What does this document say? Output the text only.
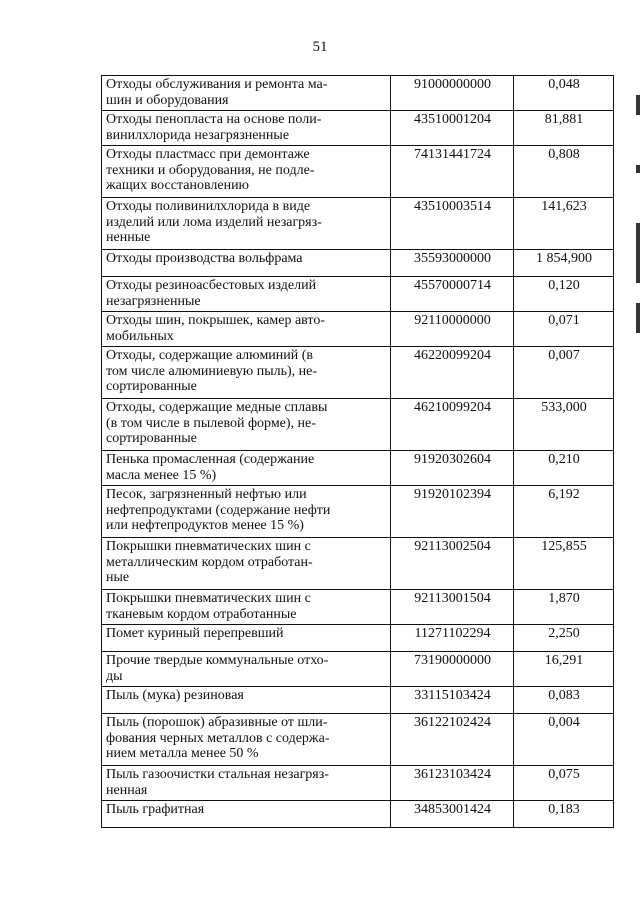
51
Отходы обслуживания и ремонта ма-
шин и оборудования	91000000000	0,048
Отходы пенопласта на основе поли-
винилхлорида незагрязненные	43510001204	81,881
Отходы пластмасс при демонтаже
техники и оборудования, не подле-
жащих восстановлению	74131441724	0,808
Отходы поливинилхлорида в виде
изделий или лома изделий незагряз-
ненные	43510003514	141,623
Отходы производства вольфрама	35593000000	1 854,900
Отходы резиноасбестовых изделий
незагрязненные	45570000714	0,120
Отходы шин, покрышек, камер авто-
мобильных	92110000000	0,071
Отходы, содержащие алюминий (в
том числе алюминиевую пыль), не-
сортированные	46220099204	0,007
Отходы, содержащие медные сплавы
(в том числе в пылевой форме), не-
сортированные	46210099204	533,000
Пенька промасленная (содержание
масла менее 15 %)	91920302604	0,210
Песок, загрязненный нефтью или
нефтепродуктами (содержание нефти
или нефтепродуктов менее 15 %)	91920102394	6,192
Покрышки пневматических шин с
металлическим кордом отработан-
ные	92113002504	125,855
Покрышки пневматических шин с
тканевым кордом отработанные	92113001504	1,870
Помет куриный перепревший	11271102294	2,250
Прочие твердые коммунальные отхо-
ды	73190000000	16,291
Пыль (мука) резиновая	33115103424	0,083
Пыль (порошок) абразивные от шли-
фования черных металлов с содержа-
нием металла менее 50 %	36122102424	0,004
Пыль газоочистки стальная незагряз-
ненная	36123103424	0,075
Пыль графитная	34853001424	0,183
